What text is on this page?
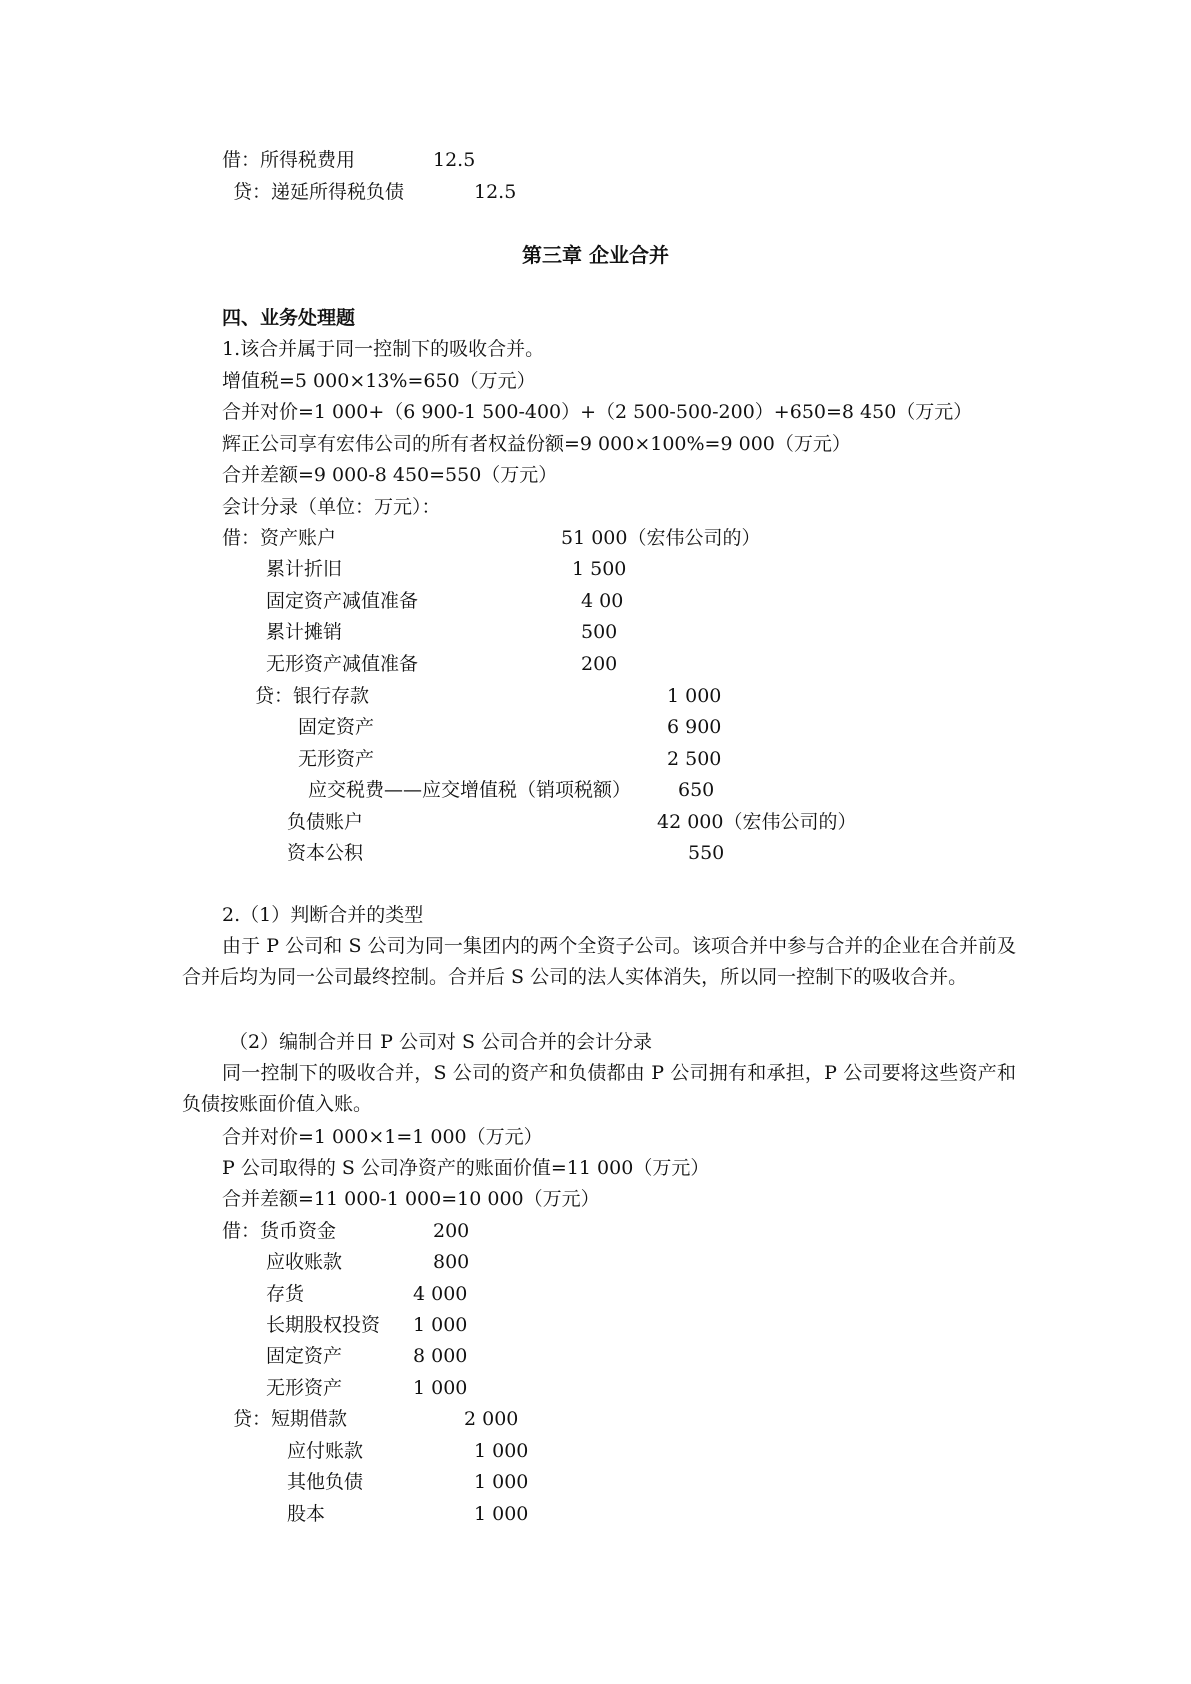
借：所得税费用	12.5
贷：递延所得税负债	12.5
第三章 企业合并
四、业务处理题
1.该合并属于同一控制下的吸收合并。
增值税=5 000×13%=650（万元）
合并对价=1 000+（6 900-1 500-400）+（2 500-500-200）+650=8 450（万元）
辉正公司享有宏伟公司的所有者权益份额=9 000×100%=9 000（万元）
合并差额=9 000-8 450=550（万元）
会计分录（单位：万元）：
借：资产账户	51 000（宏伟公司的）
累计折旧	1 500
固定资产减值准备	4 00
累计摊销	500
无形资产减值准备	200
贷：银行存款	1 000
固定资产	6 900
无形资产	2 500
应交税费——应交增值税（销项税额） 650
负债账户	42 000（宏伟公司的）
资本公积	550
2.（1）判断合并的类型
由于 P 公司和 S 公司为同一集团内的两个全资子公司。该项合并中参与合并的企业在合并前及合并后均为同一公司最终控制。合并后 S 公司的法人实体消失，所以同一控制下的吸收合并。
（2）编制合并日 P 公司对 S 公司合并的会计分录
同一控制下的吸收合并，S 公司的资产和负债都由 P 公司拥有和承担，P 公司要将这些资产和负债按账面价值入账。
合并对价=1 000×1=1 000（万元）
P 公司取得的 S 公司净资产的账面价值=11 000（万元）
合并差额=11 000-1 000=10 000（万元）
借：货币资金	200
应收账款	800
存货	4 000
长期股权投资 1 000
固定资产	8 000
无形资产	1 000
贷：短期借款	2 000
应付账款	1 000
其他负债	1 000
股本	1 000
